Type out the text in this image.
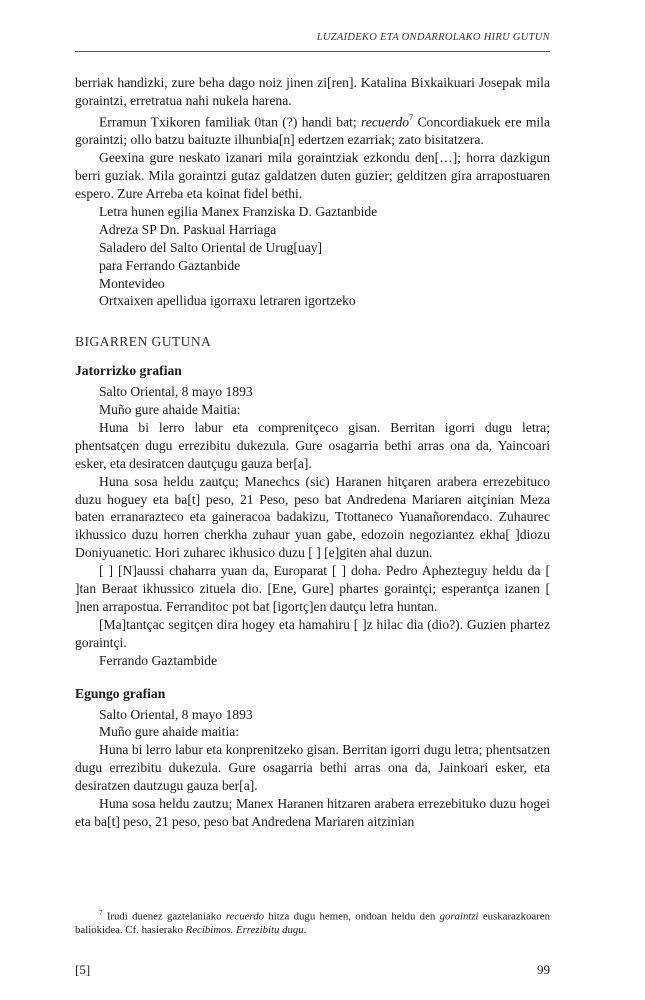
LUZAIDEKO ETA ONDARROLAKO HIRU GUTUN

berriak handizki, zure beha dago noiz jinen zi[ren]. Katalina Bixkaikuari Josepak mila goraintzi, erretratua nahi nukela harena.

Erramun Txikoren familiak 0tan (?) handi bat; recuerdo$^7$ Concordiakuek ere mila goraintzi; ollo batzu baituzte ilhunbia[n] edertzen ezarriak; zato bisitatzera.

Geexina gure neskato izanari mila goraintziak ezkondu den[…]; horra dazkigun berri guziak. Mila goraintzi gutaz galdatzen duten guzier; gelditzen gira arrapostuaren espero. Zure Arreba eta koinat fidel bethi.

Letra hunen egilia Manex Franziska D. Gaztanbide

Adreza SP Dn. Paskual Harriaga

Saladero del Salto Oriental de Urug[uay]

para Ferrando Gaztanbide

Montevideo

Ortxaixen apellidua igorraxu letraren igortzeko

BIGARREN GUTUNA
Jatorrizko grafian

Salto Oriental, 8 mayo 1893

Muño gure ahaide Maitia:

Huna bi lerro labur eta comprenitçeco gisan. Berritan igorri dugu letra; phentsatçen dugu errezibitu dukezula. Gure osagarria bethi arras ona da, Yaincoari esker, eta desiratcen dautçugu gauza ber[a].

Huna sosa heldu zautçu; Manechcs (sic) Haranen hitçaren arabera errezebituco duzu hoguey eta ba[t] peso, 21 Peso, peso bat Andredena Mariaren aitçinian Meza baten erranarazteco eta gaineracoa badakizu, Ttottaneco Yuanañorendaco. Zuhaurec ikhussico duzu horren cherkha zuhaur yuan gabe, edozoin negoziantez ekha[ ]diozu Doniyuanetic. Hori zuharec ikhusico duzu [ ] [e]giten ahal duzun.

[ ] [N]aussi chaharra yuan da, Europarat [ ] doha. Pedro Aphezteguy heldu da [ ]tan Beraat ikhussico zituela dio. [Ene, Gure] phartes goraintçi; esperantça izanen [ ]nen arrapostua. Ferranditoc pot bat [igortç]en dautçu letra huntan.

[Ma]tantçac segitçen dira hogey eta hamahiru [ ]z hilac dia (dio?). Guzien phartez goraintçi.

Ferrando Gaztambide

Egungo grafian

Salto Oriental, 8 mayo 1893

Muño gure ahaide maitia:

Huna bi lerro labur eta konprenitzeko gisan. Berritan igorri dugu letra; phentsatzen dugu errezibitu dukezula. Gure osagarria bethi arras ona da, Jainkoari esker, eta desiratzen dautzugu gauza ber[a].

Huna sosa heldu zautzu; Manex Haranen hitzaren arabera errezebituko duzu hogei eta ba[t] peso, 21 peso, peso bat Andredena Mariaren aitzinian

$^7$ Irudi duenez gaztelaniako recuerdo hitza dugu hemen, ondoan heldu den goraintzi euskarazkoaren baliokidea. Cf. hasierako Recibimos. Errezibitu dugu.

[5]	99
